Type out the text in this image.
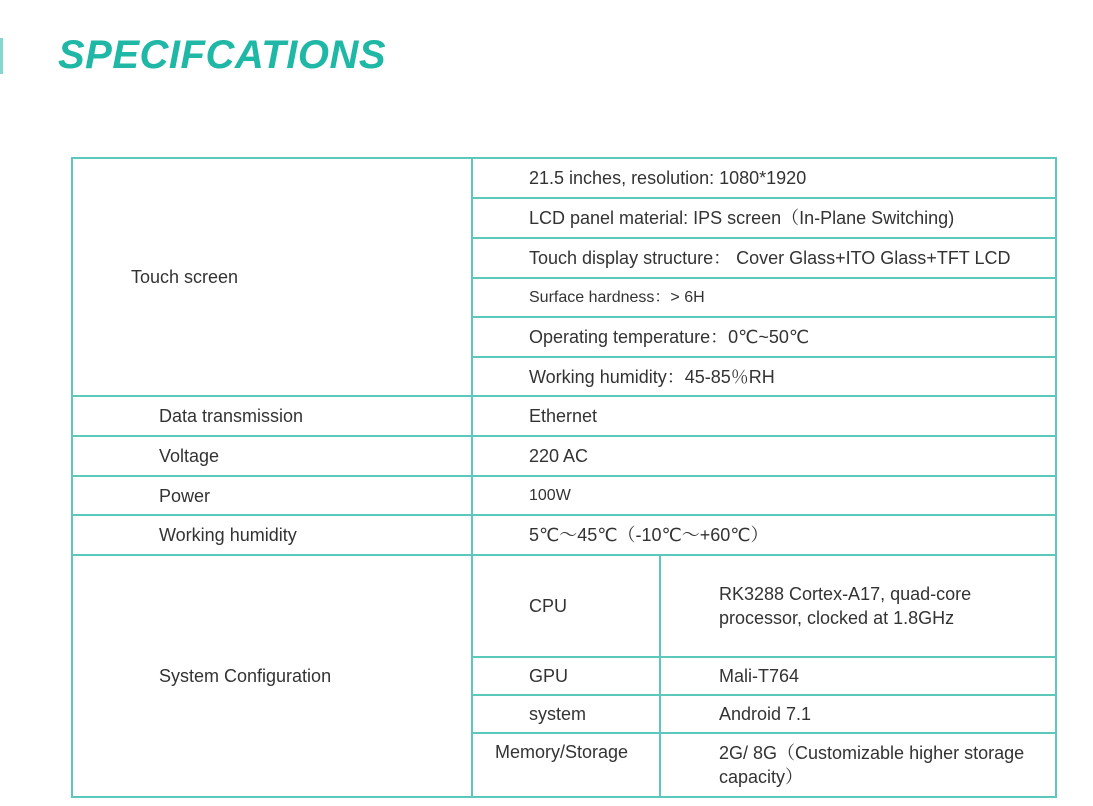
SPECIFCATIONS
Touch screen	21.5 inches, resolution: 1080*1920	
	LCD panel material: IPS screen（In-Plane Switching)	
	Touch display structure： Cover Glass+ITO Glass+TFT LCD	
	Surface hardness：> 6H	
	Operating temperature：0℃~50℃	
	Working humidity：45-85％RH	
Data transmission	Ethernet	
Voltage	220 AC	
Power	100W	
Working humidity	5℃～45℃（-10℃～+60℃）	
System Configuration	CPU	RK3288 Cortex-A17, quad-core processor, clocked at 1.8GHz
	GPU	Mali-T764
	system	Android 7.1
	Memory/Storage	2G/ 8G（Customizable higher storage capacity）
